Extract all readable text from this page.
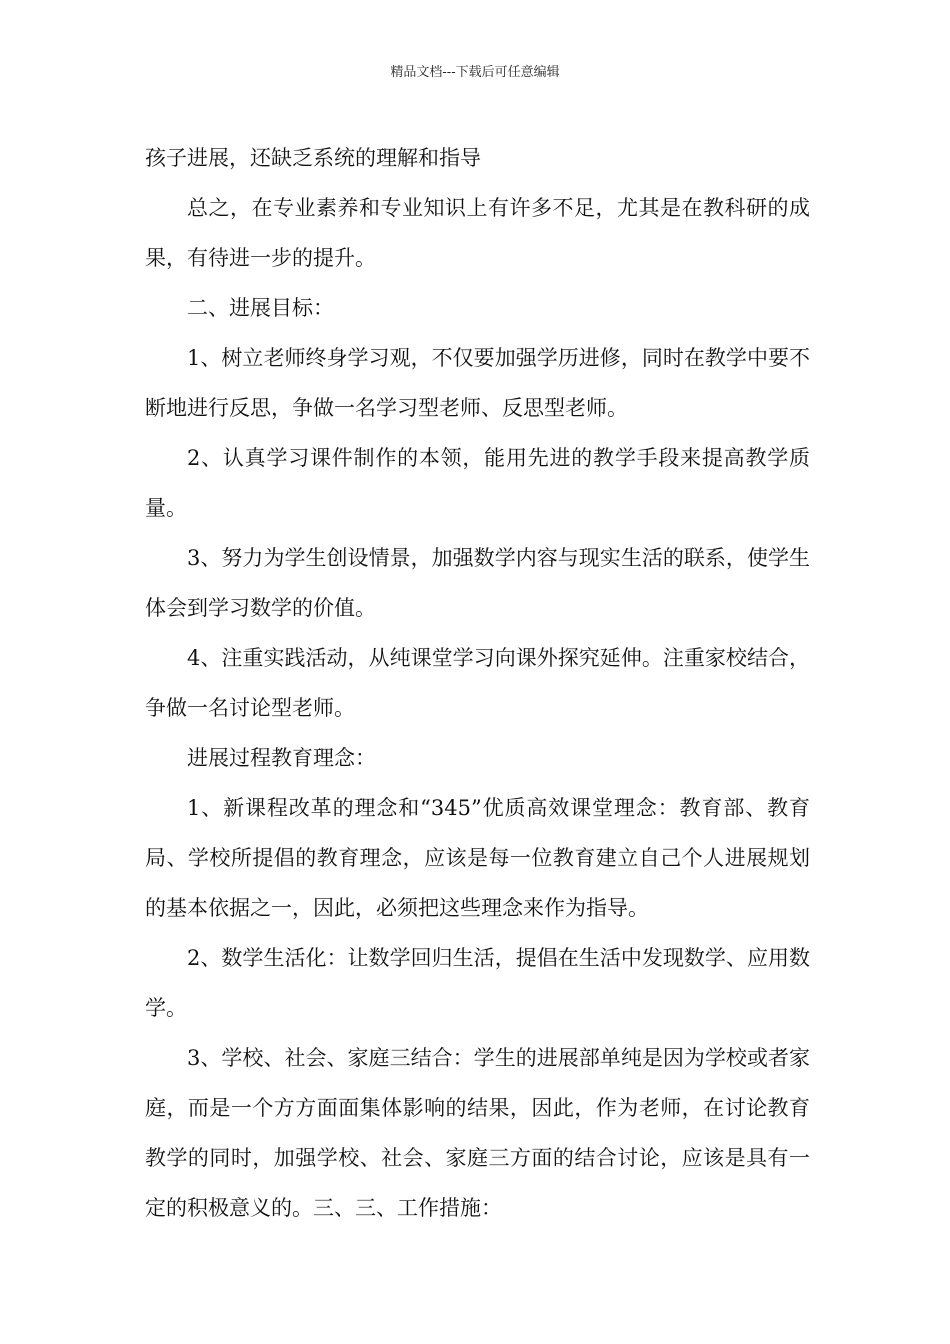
精品文档---下载后可任意编辑

孩子进展，还缺乏系统的理解和指导

总之，在专业素养和专业知识上有许多不足，尤其是在教科研的成果，有待进一步的提升。

二、进展目标：

1、树立老师终身学习观，不仅要加强学历进修，同时在教学中要不断地进行反思，争做一名学习型老师、反思型老师。

2、认真学习课件制作的本领，能用先进的教学手段来提高教学质量。

3、努力为学生创设情景，加强数学内容与现实生活的联系，使学生体会到学习数学的价值。

4、注重实践活动，从纯课堂学习向课外探究延伸。注重家校结合，争做一名讨论型老师。

进展过程教育理念：

1、新课程改革的理念和“345”优质高效课堂理念：教育部、教育局、学校所提倡的教育理念，应该是每一位教育建立自己个人进展规划的基本依据之一，因此，必须把这些理念来作为指导。

2、数学生活化：让数学回归生活，提倡在生活中发现数学、应用数学。

3、学校、社会、家庭三结合：学生的进展部单纯是因为学校或者家庭，而是一个方方面面集体影响的结果，因此，作为老师，在讨论教育教学的同时，加强学校、社会、家庭三方面的结合讨论，应该是具有一定的积极意义的。三、三、工作措施：
